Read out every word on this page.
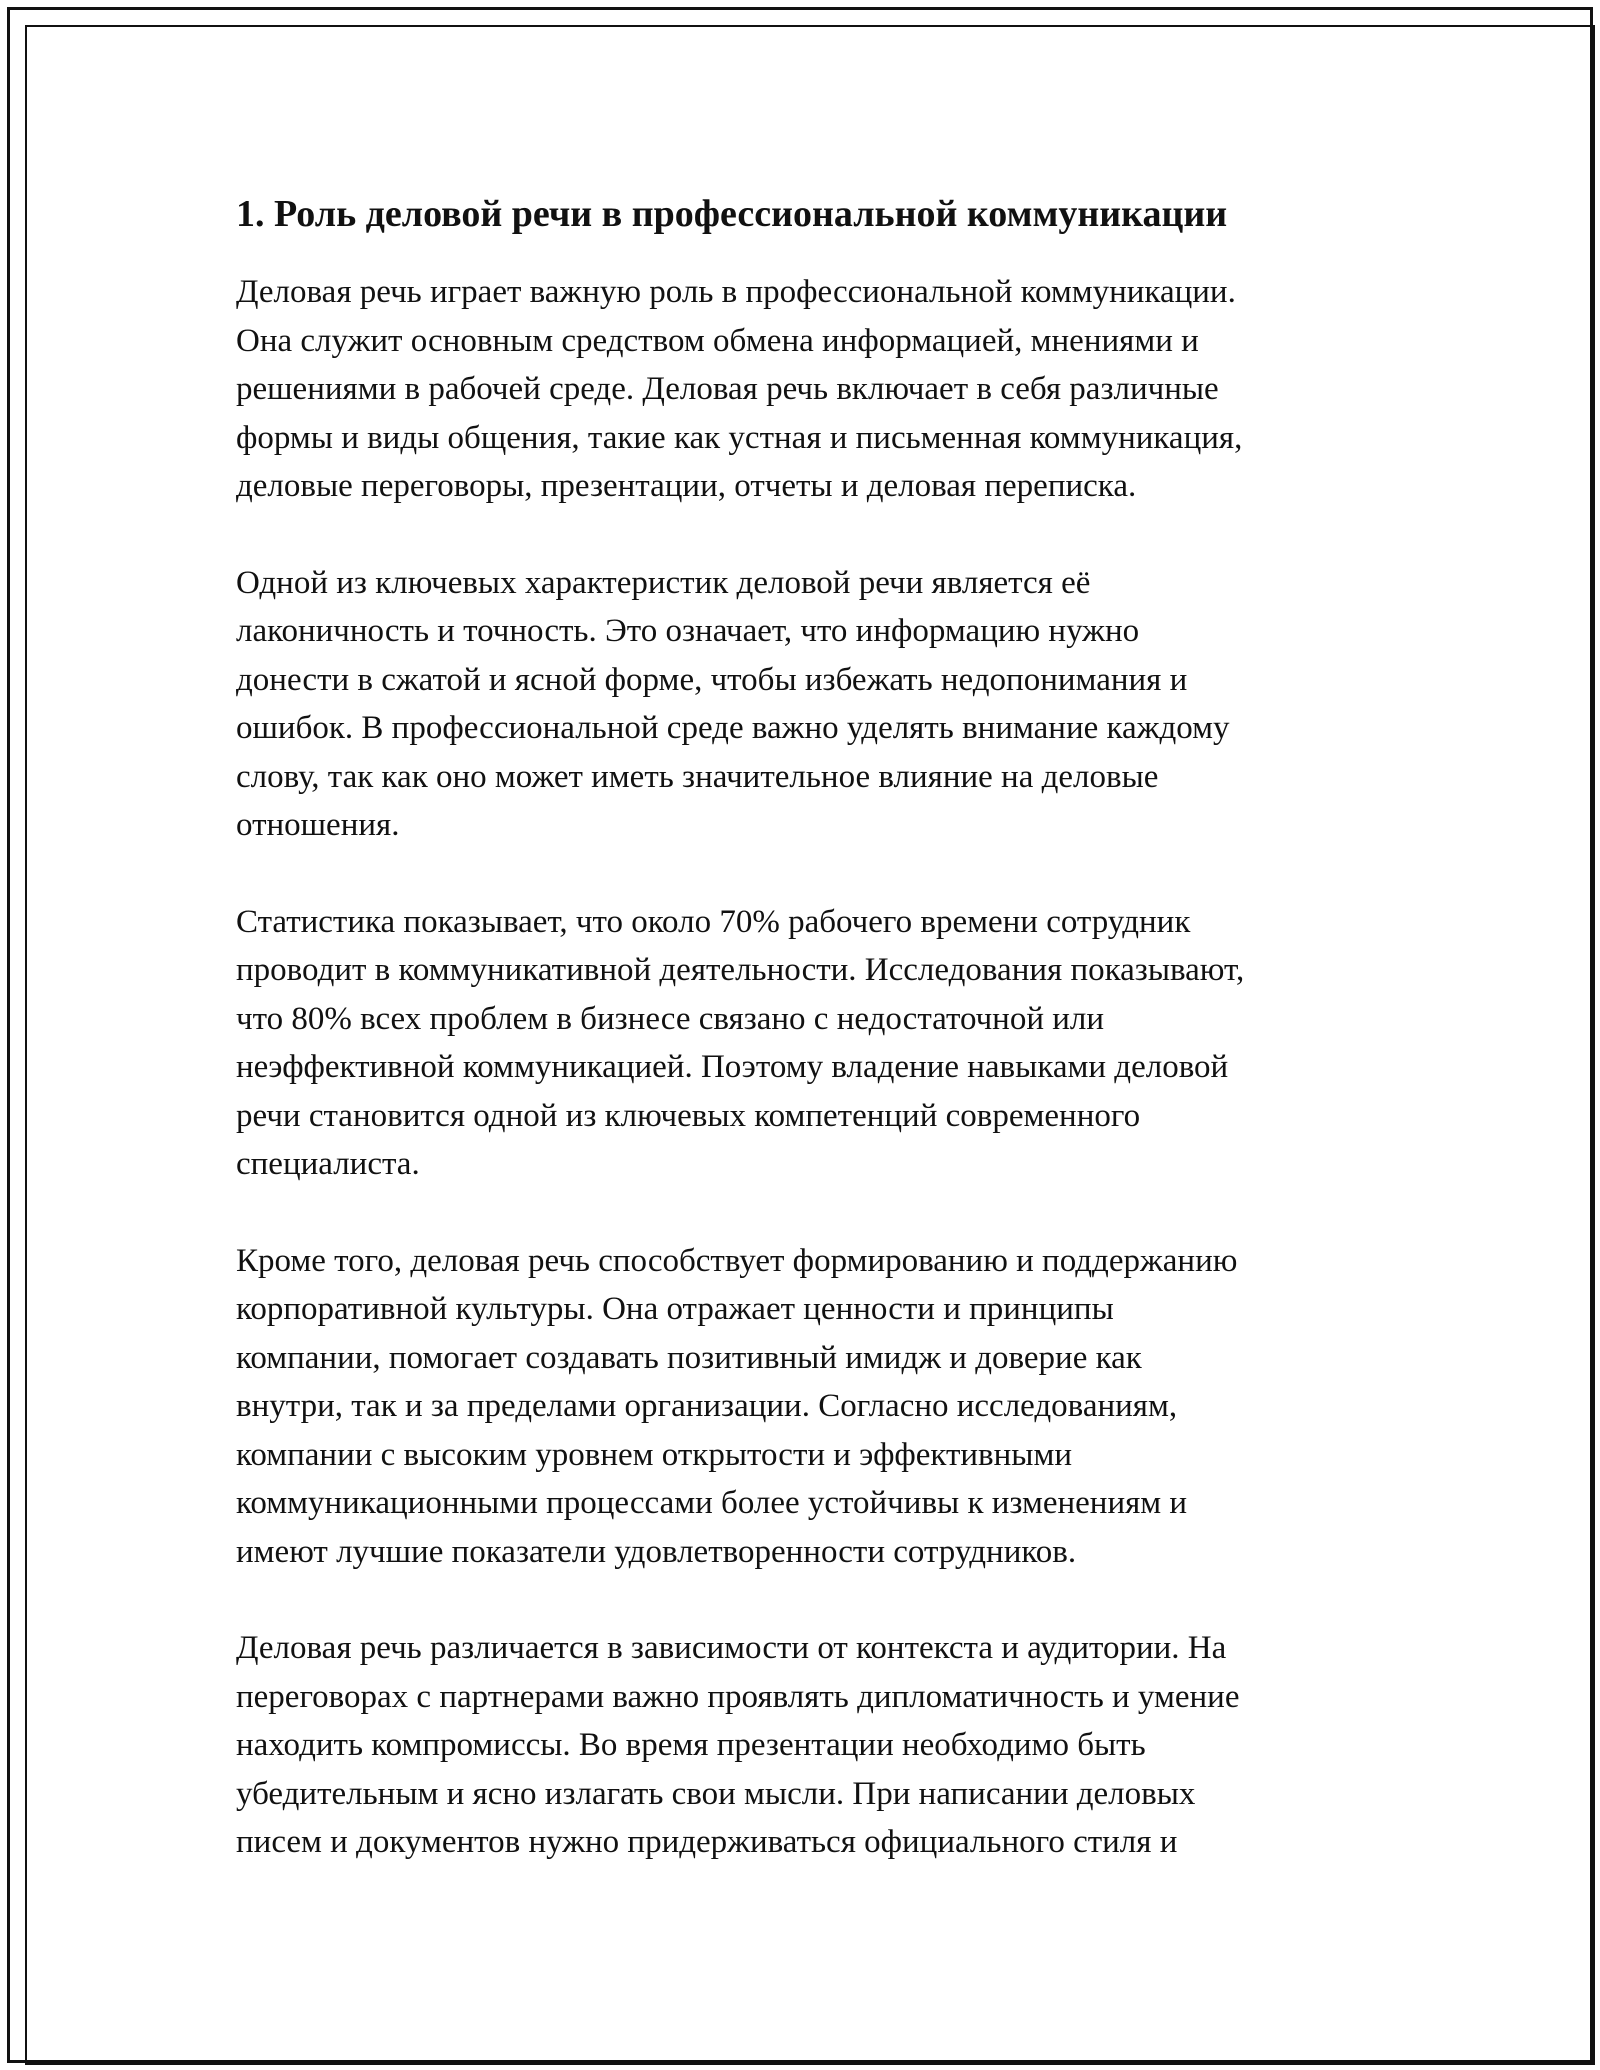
1. Роль деловой речи в профессиональной коммуникации

Деловая речь играет важную роль в профессиональной коммуникации.
Она служит основным средством обмена информацией, мнениями и
решениями в рабочей среде. Деловая речь включает в себя различные
формы и виды общения, такие как устная и письменная коммуникация,
деловые переговоры, презентации, отчеты и деловая переписка.

Одной из ключевых характеристик деловой речи является её
лаконичность и точность. Это означает, что информацию нужно
донести в сжатой и ясной форме, чтобы избежать недопонимания и
ошибок. В профессиональной среде важно уделять внимание каждому
слову, так как оно может иметь значительное влияние на деловые
отношения.

Статистика показывает, что около 70% рабочего времени сотрудник
проводит в коммуникативной деятельности. Исследования показывают,
что 80% всех проблем в бизнесе связано с недостаточной или
неэффективной коммуникацией. Поэтому владение навыками деловой
речи становится одной из ключевых компетенций современного
специалиста.

Кроме того, деловая речь способствует формированию и поддержанию
корпоративной культуры. Она отражает ценности и принципы
компании, помогает создавать позитивный имидж и доверие как
внутри, так и за пределами организации. Согласно исследованиям,
компании с высоким уровнем открытости и эффективными
коммуникационными процессами более устойчивы к изменениям и
имеют лучшие показатели удовлетворенности сотрудников.

Деловая речь различается в зависимости от контекста и аудитории. На
переговорах с партнерами важно проявлять дипломатичность и умение
находить компромиссы. Во время презентации необходимо быть
убедительным и ясно излагать свои мысли. При написании деловых
писем и документов нужно придерживаться официального стиля и
